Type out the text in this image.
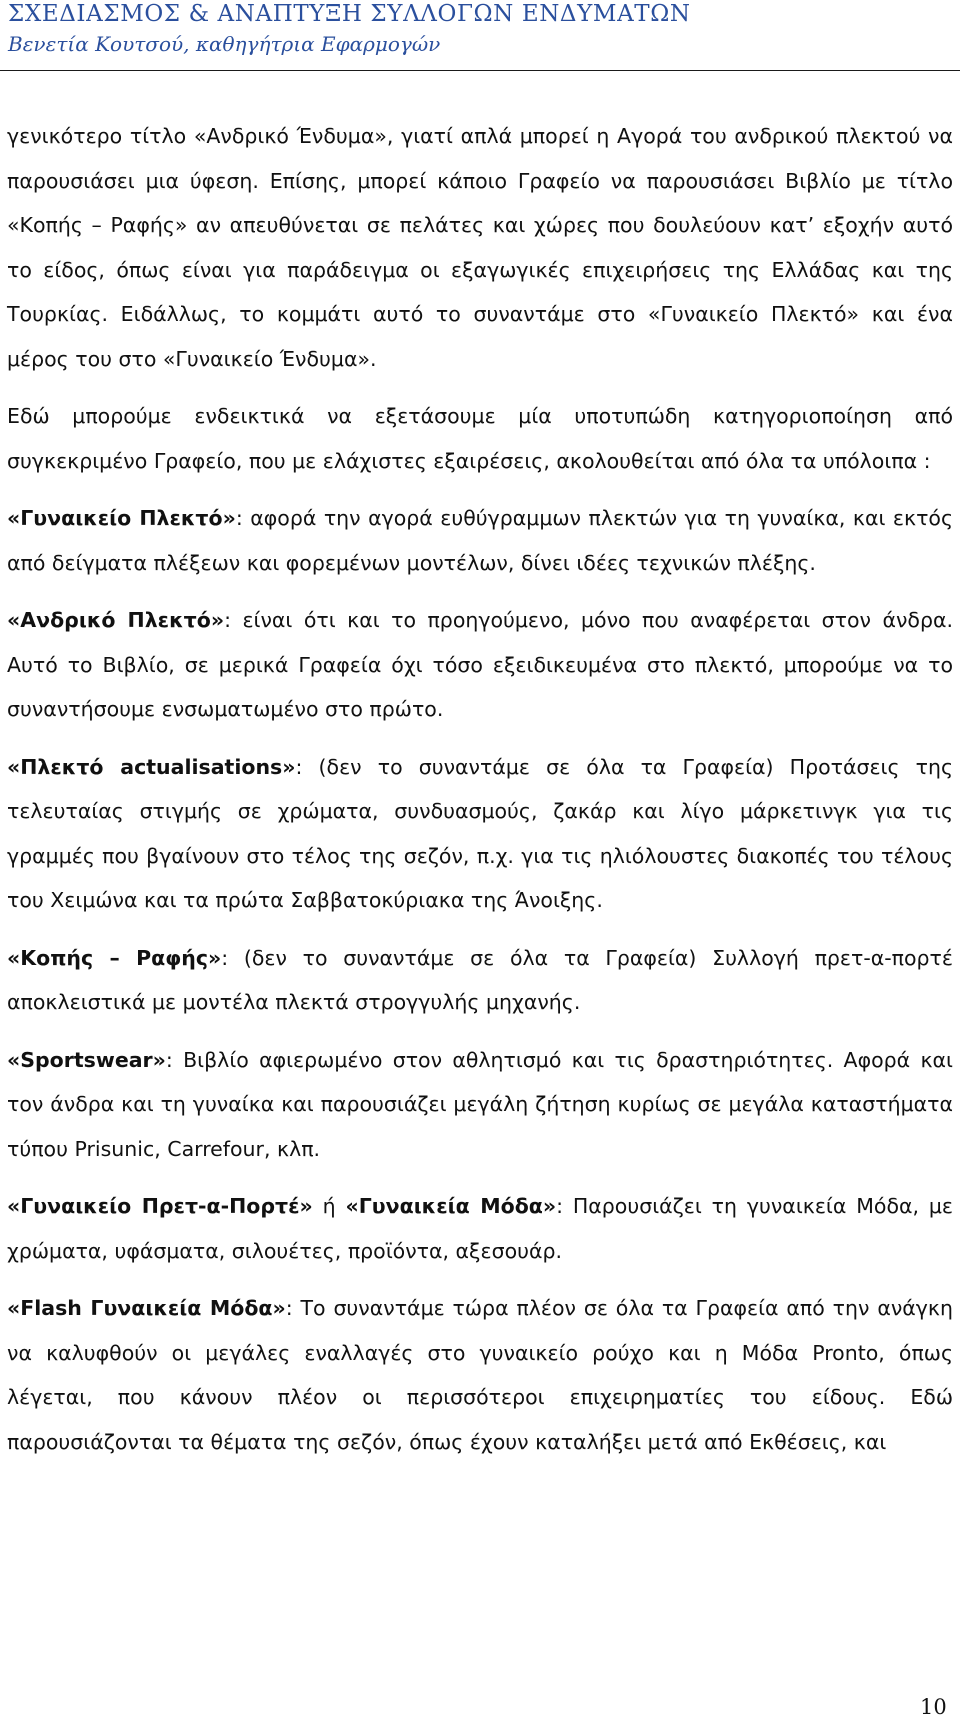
ΣΧΕΔΙΑΣΜΟΣ & ΑΝΑΠΤΥΞΗ ΣΥΛΛΟΓΩΝ ΕΝΔΥΜΑΤΩΝ
Βενετία Κουτσού, καθηγήτρια Εφαρμογών

γενικότερο τίτλο «Ανδρικό Ένδυμα», γιατί απλά μπορεί η Αγορά του ανδρικού πλεκτού να παρουσιάσει μια ύφεση. Επίσης, μπορεί κάποιο Γραφείο να παρουσιάσει Βιβλίο με τίτλο «Κοπής – Ραφής» αν απευθύνεται σε πελάτες και χώρες που δουλεύουν κατ’ εξοχήν αυτό το είδος, όπως είναι για παράδειγμα οι εξαγωγικές επιχειρήσεις της Ελλάδας και της Τουρκίας. Ειδάλλως, το κομμάτι αυτό το συναντάμε στο «Γυναικείο Πλεκτό» και ένα μέρος του στο «Γυναικείο Ένδυμα».

Εδώ μπορούμε ενδεικτικά να εξετάσουμε μία υποτυπώδη κατηγοριοποίηση από συγκεκριμένο Γραφείο, που με ελάχιστες εξαιρέσεις, ακολουθείται από όλα τα υπόλοιπα :

«Γυναικείο Πλεκτό»: αφορά την αγορά ευθύγραμμων πλεκτών για τη γυναίκα, και εκτός από δείγματα πλέξεων και φορεμένων μοντέλων, δίνει ιδέες τεχνικών πλέξης.

«Ανδρικό Πλεκτό»: είναι ότι και το προηγούμενο, μόνο που αναφέρεται στον άνδρα. Αυτό το Βιβλίο, σε μερικά Γραφεία όχι τόσο εξειδικευμένα στο πλεκτό, μπορούμε να το συναντήσουμε ενσωματωμένο στο πρώτο.

«Πλεκτό actualisations»: (δεν το συναντάμε σε όλα τα Γραφεία) Προτάσεις της τελευταίας στιγμής σε χρώματα, συνδυασμούς, ζακάρ και λίγο μάρκετινγκ για τις γραμμές που βγαίνουν στο τέλος της σεζόν, π.χ. για τις ηλιόλουστες διακοπές του τέλους του Χειμώνα και τα πρώτα Σαββατοκύριακα της Άνοιξης.

«Κοπής – Ραφής»: (δεν το συναντάμε σε όλα τα Γραφεία) Συλλογή πρετ-α-πορτέ αποκλειστικά με μοντέλα πλεκτά στρογγυλής μηχανής.

«Sportswear»: Βιβλίο αφιερωμένο στον αθλητισμό και τις δραστηριότητες. Αφορά και τον άνδρα και τη γυναίκα και παρουσιάζει μεγάλη ζήτηση κυρίως σε μεγάλα καταστήματα τύπου Prisunic, Carrefour, κλπ.

«Γυναικείο Πρετ-α-Πορτέ» ή «Γυναικεία Μόδα»: Παρουσιάζει τη γυναικεία Μόδα, με χρώματα, υφάσματα, σιλουέτες, προϊόντα, αξεσουάρ.

«Flash Γυναικεία Μόδα»: Το συναντάμε τώρα πλέον σε όλα τα Γραφεία από την ανάγκη να καλυφθούν οι μεγάλες εναλλαγές στο γυναικείο ρούχο και η Μόδα Pronto, όπως λέγεται, που κάνουν πλέον οι περισσότεροι επιχειρηματίες του είδους. Εδώ παρουσιάζονται τα θέματα της σεζόν, όπως έχουν καταλήξει μετά από Εκθέσεις, και

10
